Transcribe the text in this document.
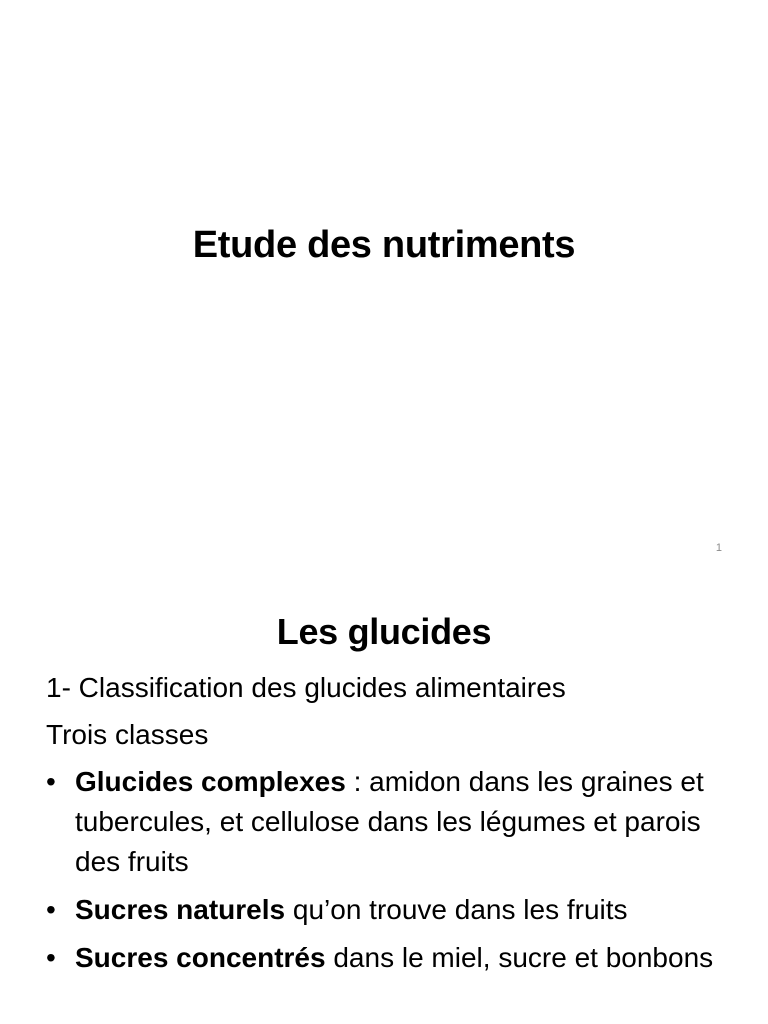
Etude des nutriments
1
Les glucides
1- Classification des glucides alimentaires
Trois classes
• Glucides complexes : amidon dans les graines et tubercules, et cellulose dans les légumes et parois des fruits
• Sucres naturels qu’on trouve dans les fruits
• Sucres concentrés dans le miel, sucre et bonbons
